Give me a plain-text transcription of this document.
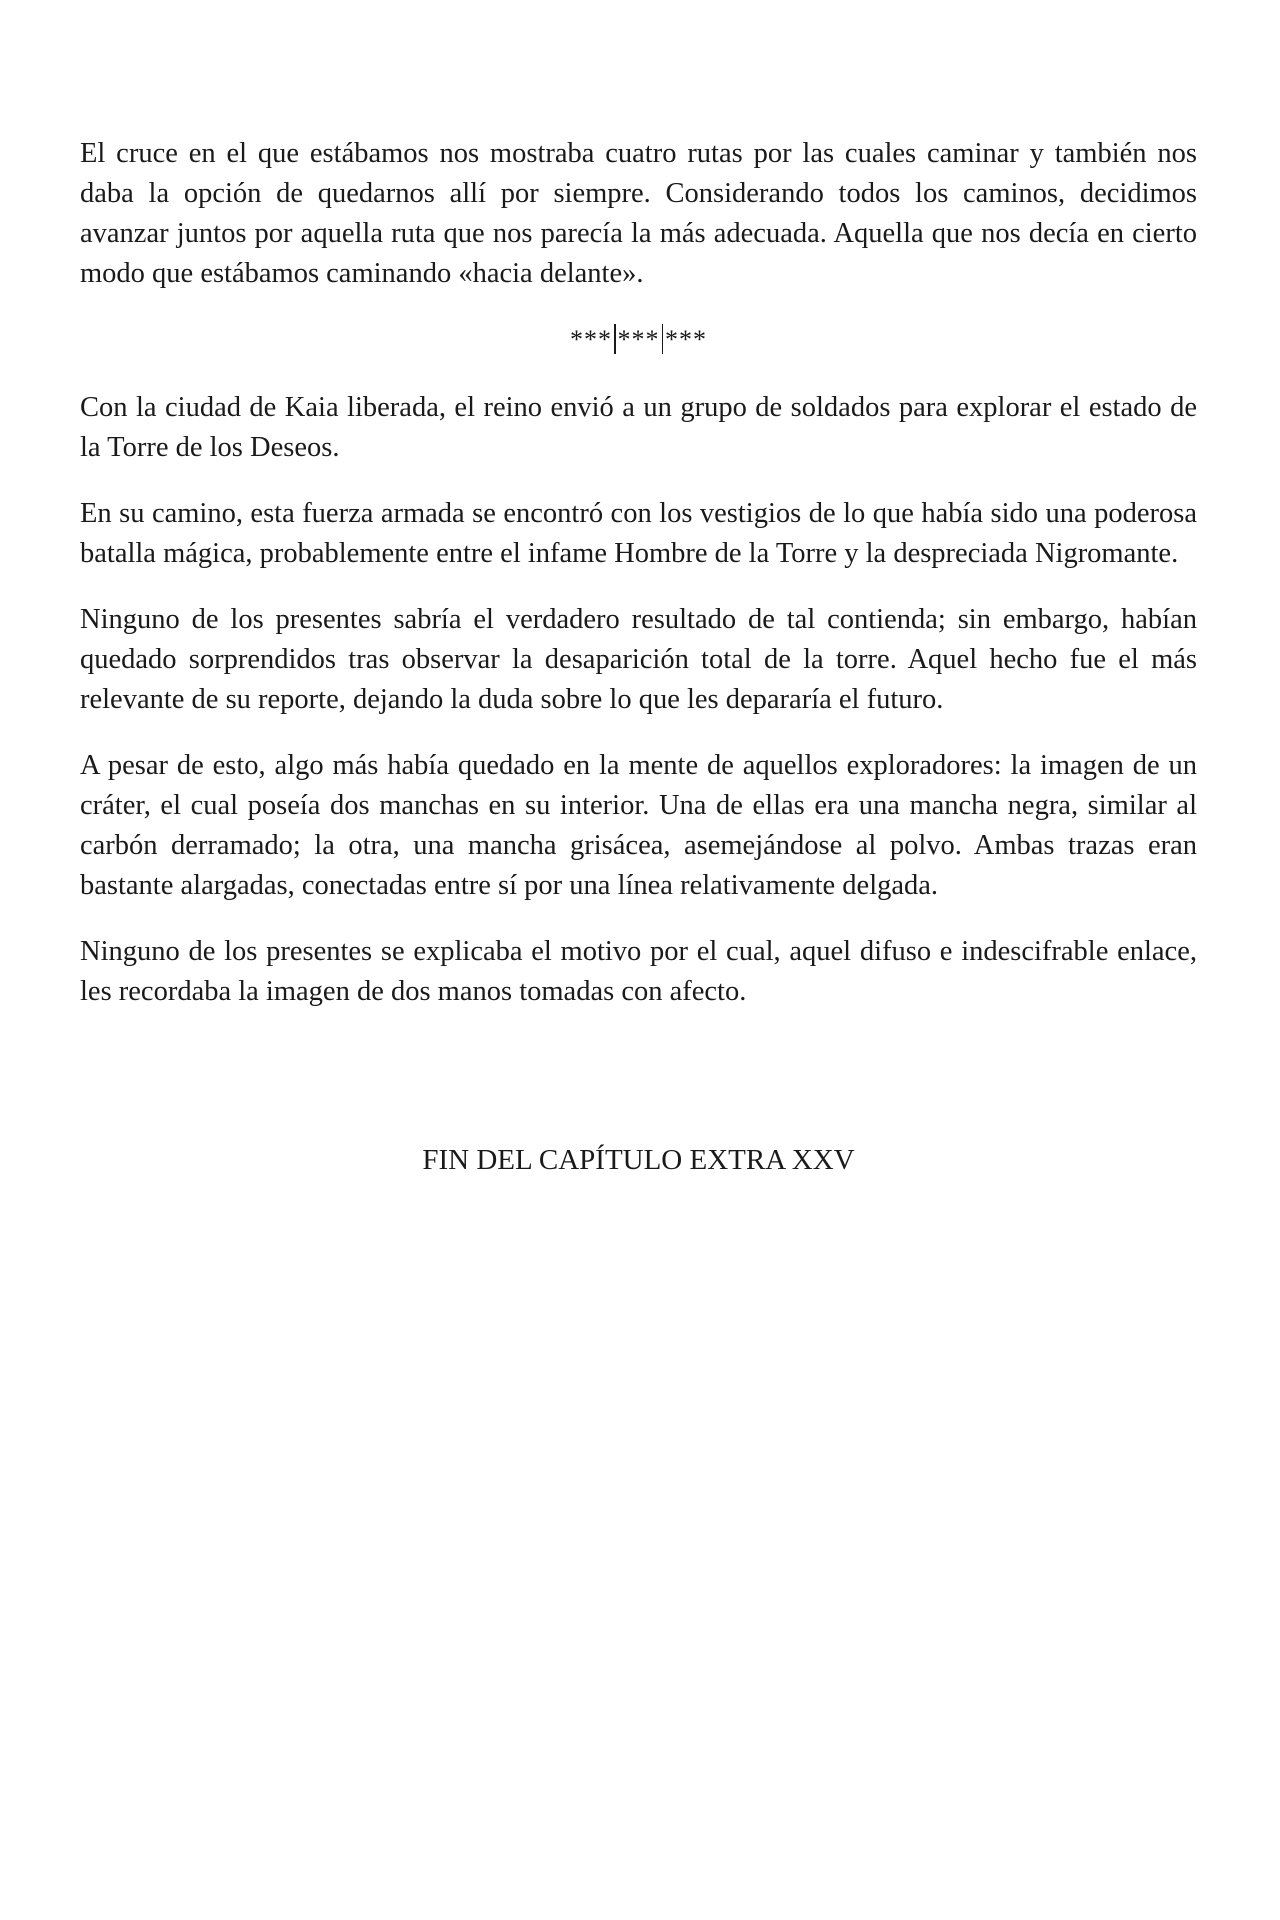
El cruce en el que estábamos nos mostraba cuatro rutas por las cuales caminar y también nos daba la opción de quedarnos allí por siempre. Considerando todos los caminos, decidimos avanzar juntos por aquella ruta que nos parecía la más adecuada. Aquella que nos decía en cierto modo que estábamos caminando «hacia delante».

*** *** ***

Con la ciudad de Kaia liberada, el reino envió a un grupo de soldados para explorar el estado de la Torre de los Deseos.

En su camino, esta fuerza armada se encontró con los vestigios de lo que había sido una poderosa batalla mágica, probablemente entre el infame Hombre de la Torre y la despreciada Nigromante.

Ninguno de los presentes sabría el verdadero resultado de tal contienda; sin embargo, habían quedado sorprendidos tras observar la desaparición total de la torre. Aquel hecho fue el más relevante de su reporte, dejando la duda sobre lo que les depararía el futuro.

A pesar de esto, algo más había quedado en la mente de aquellos exploradores: la imagen de un cráter, el cual poseía dos manchas en su interior. Una de ellas era una mancha negra, similar al carbón derramado; la otra, una mancha grisácea, asemejándose al polvo. Ambas trazas eran bastante alargadas, conectadas entre sí por una línea relativamente delgada.

Ninguno de los presentes se explicaba el motivo por el cual, aquel difuso e indescifrable enlace, les recordaba la imagen de dos manos tomadas con afecto.

FIN DEL CAPÍTULO EXTRA XXV
